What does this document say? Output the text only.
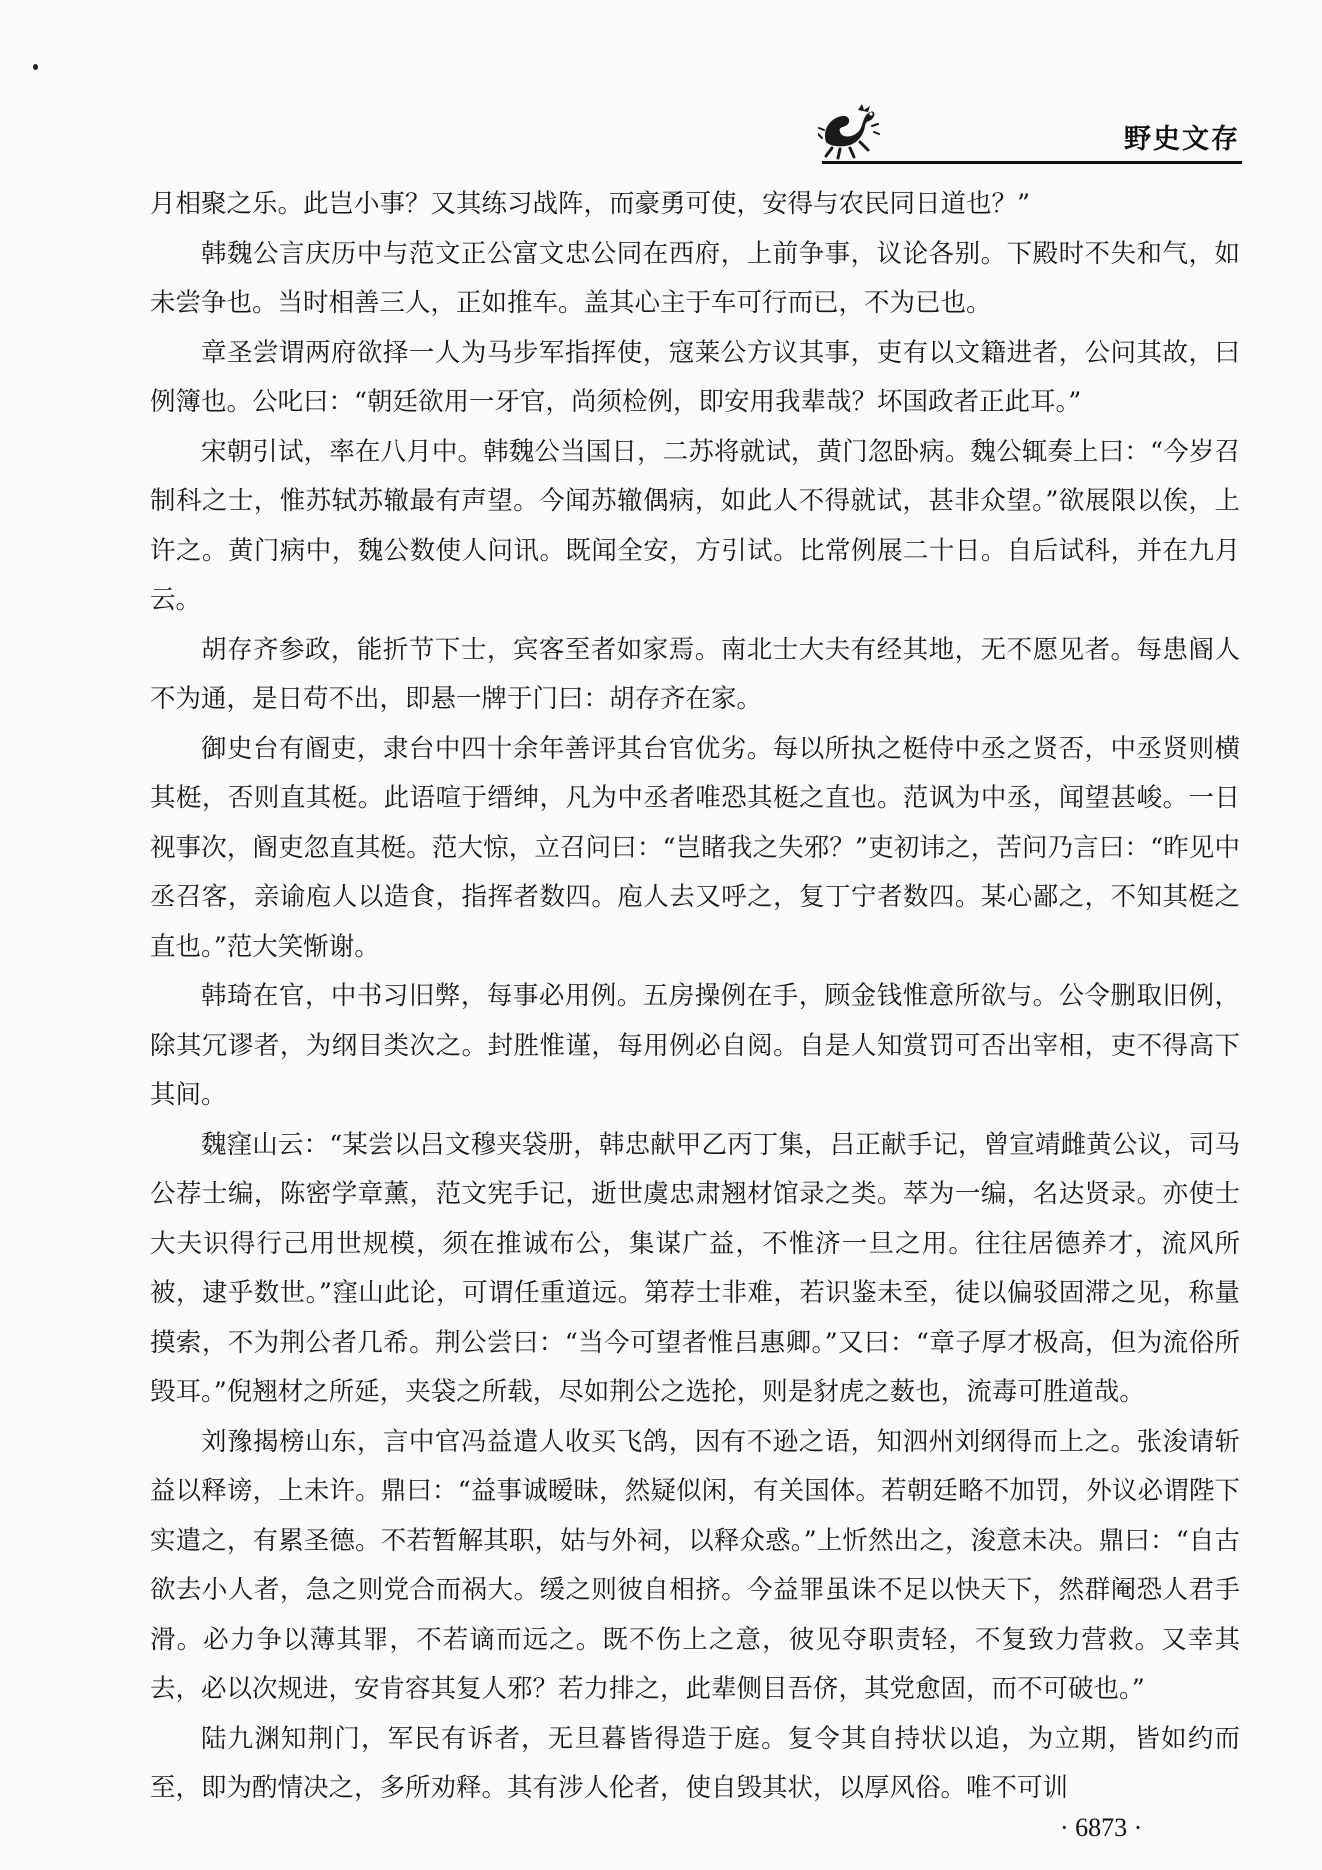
野史文存

月相聚之乐。此岂小事？又其练习战阵，而豪勇可使，安得与农民同日道也？”

韩魏公言庆历中与范文正公富文忠公同在西府，上前争事，议论各别。下殿时不失和气，如未尝争也。当时相善三人，正如推车。盖其心主于车可行而已，不为已也。

章圣尝谓两府欲择一人为马步军指挥使，寇莱公方议其事，吏有以文籍进者，公问其故，曰例簿也。公叱曰：“朝廷欲用一牙官，尚须检例，即安用我辈哉？坏国政者正此耳。”

宋朝引试，率在八月中。韩魏公当国日，二苏将就试，黄门忽卧病。魏公辄奏上曰：“今岁召制科之士，惟苏轼苏辙最有声望。今闻苏辙偶病，如此人不得就试，甚非众望。”欲展限以俟，上许之。黄门病中，魏公数使人问讯。既闻全安，方引试。比常例展二十日。自后试科，并在九月云。

胡存齐参政，能折节下士，宾客至者如家焉。南北士大夫有经其地，无不愿见者。每患阍人不为通，是日苟不出，即悬一牌于门曰：胡存齐在家。

御史台有阍吏，隶台中四十余年善评其台官优劣。每以所执之梃侍中丞之贤否，中丞贤则横其梃，否则直其梃。此语喧于缙绅，凡为中丞者唯恐其梃之直也。范讽为中丞，闻望甚峻。一日视事次，阍吏忽直其梃。范大惊，立召问曰：“岂睹我之失邪？”吏初讳之，苦问乃言曰：“昨见中丞召客，亲谕庖人以造食，指挥者数四。庖人去又呼之，复丁宁者数四。某心鄙之，不知其梃之直也。”范大笑惭谢。

韩琦在官，中书习旧弊，每事必用例。五房操例在手，顾金钱惟意所欲与。公令删取旧例，除其冗谬者，为纲目类次之。封胜惟谨，每用例必自阅。自是人知赏罚可否出宰相，吏不得高下其间。

魏窪山云：“某尝以吕文穆夹袋册，韩忠献甲乙丙丁集，吕正献手记，曾宣靖雌黄公议，司马公荐士编，陈密学章薰，范文宪手记，逝世虞忠肃翘材馆录之类。萃为一编，名达贤录。亦使士大夫识得行己用世规模，须在推诚布公，集谋广益，不惟济一旦之用。往往居德养才，流风所被，逮乎数世。”窪山此论，可谓任重道远。第荐士非难，若识鉴未至，徒以偏驳固滞之见，称量摸索，不为荆公者几希。荆公尝曰：“当今可望者惟吕惠卿。”又曰：“章子厚才极高，但为流俗所毁耳。”倪翘材之所延，夹袋之所载，尽如荆公之选抡，则是豺虎之薮也，流毒可胜道哉。

刘豫揭榜山东，言中官冯益遣人收买飞鸽，因有不逊之语，知泗州刘纲得而上之。张浚请斩益以释谤，上未许。鼎曰：“益事诚暧昧，然疑似闲，有关国体。若朝廷略不加罚，外议必谓陛下实遣之，有累圣德。不若暂解其职，姑与外祠，以释众惑。”上忻然出之，浚意未决。鼎曰：“自古欲去小人者，急之则党合而祸大。缓之则彼自相挤。今益罪虽诛不足以快天下，然群阉恐人君手滑。必力争以薄其罪，不若谪而远之。既不伤上之意，彼见夺职责轻，不复致力营救。又幸其去，必以次规进，安肯容其复人邪？若力排之，此辈侧目吾侪，其党愈固，而不可破也。”

陆九渊知荆门，军民有诉者，无旦暮皆得造于庭。复令其自持状以追，为立期，皆如约而至，即为酌情决之，多所劝释。其有涉人伦者，使自毁其状，以厚风俗。唯不可训

· 6873 ·
